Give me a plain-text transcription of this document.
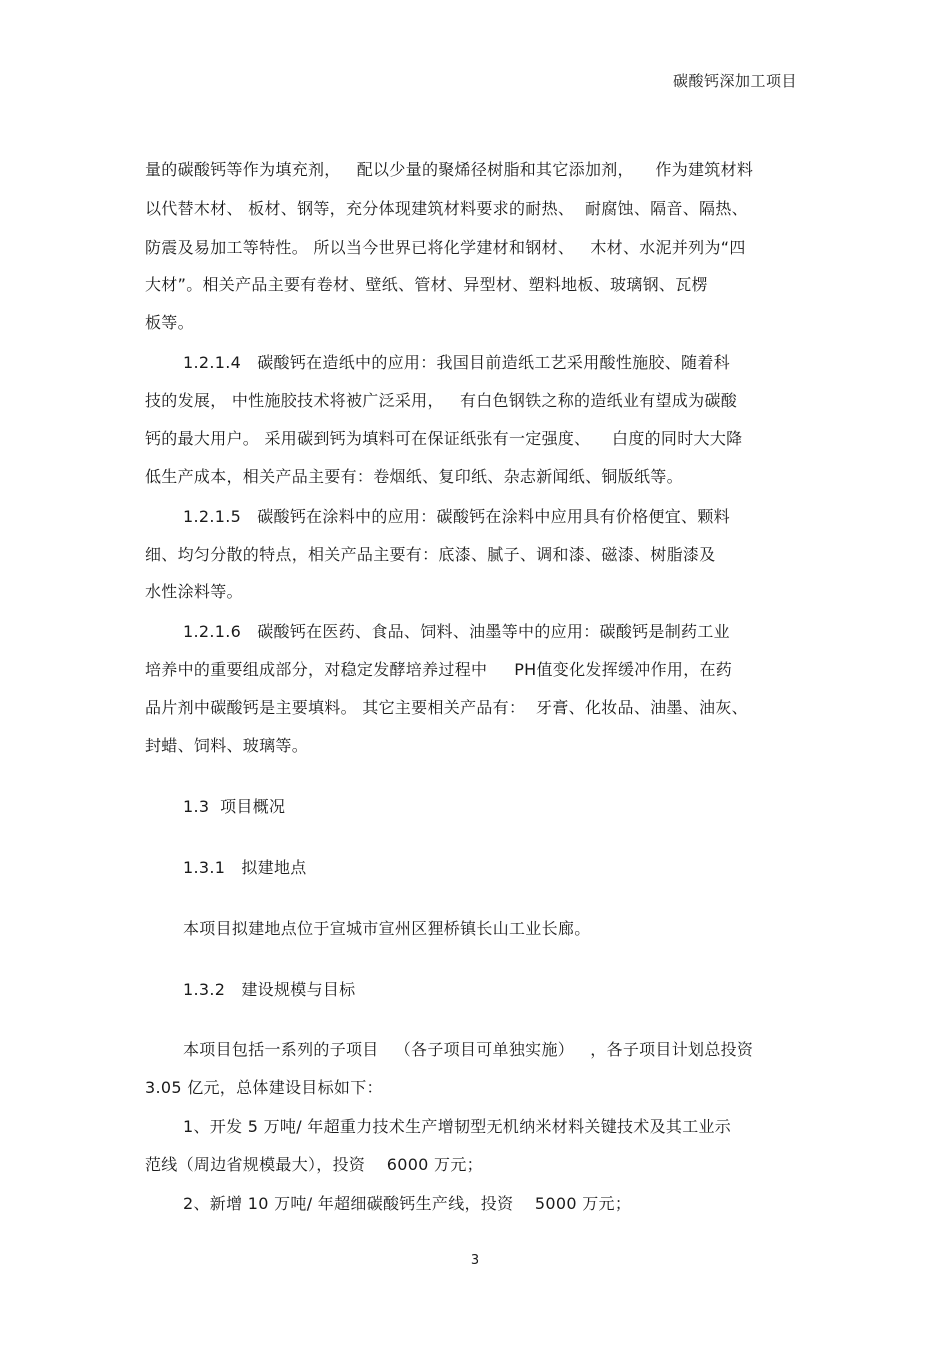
碳酸钙深加工项目
量的碳酸钙等作为填充剂，   配以少量的聚烯径树脂和其它添加剂，    作为建筑材料
以代替木材、 板材、钢等，充分体现建筑材料要求的耐热、  耐腐蚀、隔音、隔热、
防震及易加工等特性。 所以当今世界已将化学建材和钢材、   木材、水泥并列为“四
大材”。相关产品主要有卷材、壁纸、管材、异型材、塑料地板、玻璃钢、瓦楞
板等。
1.2.1.4   碳酸钙在造纸中的应用：我国目前造纸工艺采用酸性施胶、随着科
技的发展， 中性施胶技术将被广泛采用，   有白色钢铁之称的造纸业有望成为碳酸
钙的最大用户。 采用碳到钙为填料可在保证纸张有一定强度、    白度的同时大大降
低生产成本，相关产品主要有：卷烟纸、复印纸、杂志新闻纸、铜版纸等。
1.2.1.5   碳酸钙在涂料中的应用：碳酸钙在涂料中应用具有价格便宜、颗料
细、均匀分散的特点，相关产品主要有：底漆、腻子、调和漆、磁漆、树脂漆及
水性涂料等。
1.2.1.6   碳酸钙在医药、食品、饲料、油墨等中的应用：碳酸钙是制药工业
培养中的重要组成部分，对稳定发酵培养过程中     PH值变化发挥缓冲作用，在药
品片剂中碳酸钙是主要填料。 其它主要相关产品有：  牙膏、化妆品、油墨、油灰、
封蜡、饲料、玻璃等。
1.3  项目概况
1.3.1   拟建地点
本项目拟建地点位于宣城市宣州区狸桥镇长山工业长廊。
1.3.2   建设规模与目标
本项目包括一系列的子项目   （各子项目可单独实施）   ，各子项目计划总投资
3.05 亿元，总体建设目标如下：
1、开发 5 万吨/ 年超重力技术生产增韧型无机纳米材料关键技术及其工业示
范线（周边省规模最大），投资    6000 万元；
2、新增 10 万吨/ 年超细碳酸钙生产线，投资    5000 万元；
3
